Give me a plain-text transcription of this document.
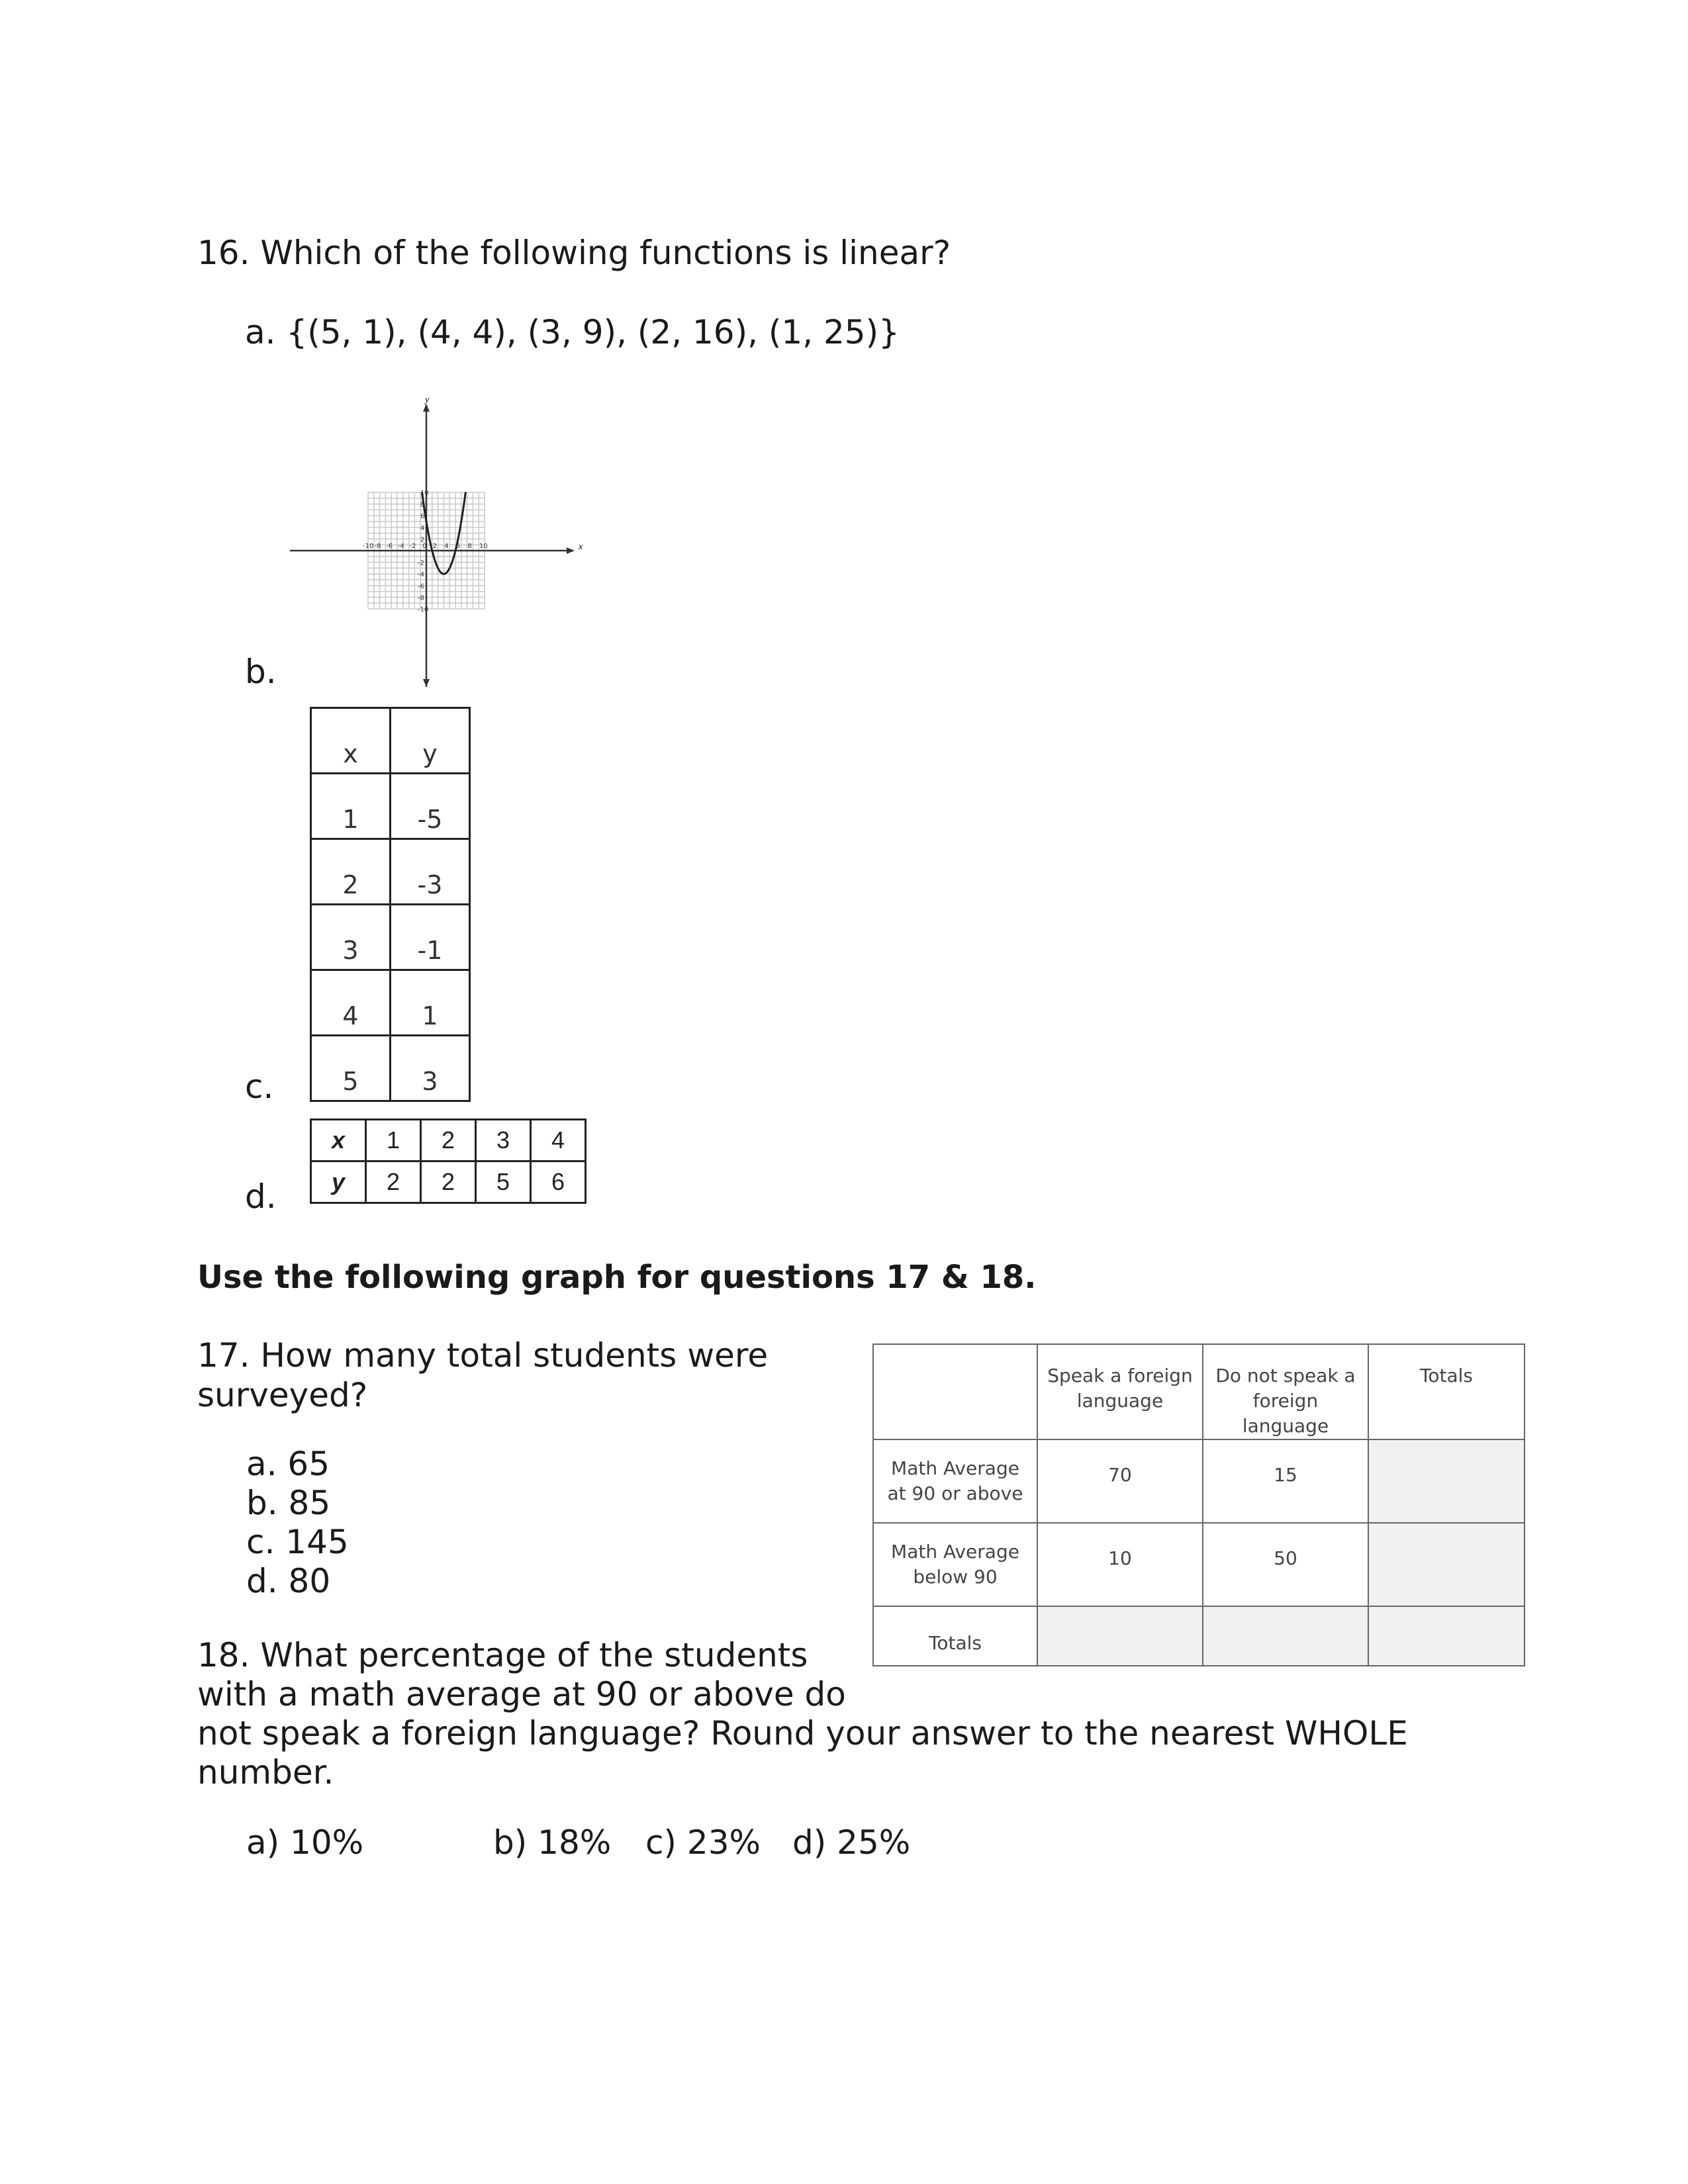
16. Which of the following functions is linear?
a. {(5, 1), (4, 4), (3, 9), (2, 16), (1, 25)}
b.
x
y
-10 -8 -6 -4 -2 0 2 4 6 8 10
10
8
6
4
2
-2
-4
-6
-8
-10
x	y
1	-5
2	-3
3	-1
4	1
5	3
c.
x	1	2	3	4
y	2	2	5	6
d.
Use the following graph for questions 17 & 18.
17. How many total students were
surveyed?
a. 65
b. 85
c. 145
d. 80
	Speak a foreign language	Do not speak a foreign language	Totals
Math Average at 90 or above	70	15	
Math Average below 90	10	50	
Totals			
18. What percentage of the students
with a math average at 90 or above do
not speak a foreign language? Round your answer to the nearest WHOLE
number.
a) 10%	b) 18% c) 23% d) 25%
